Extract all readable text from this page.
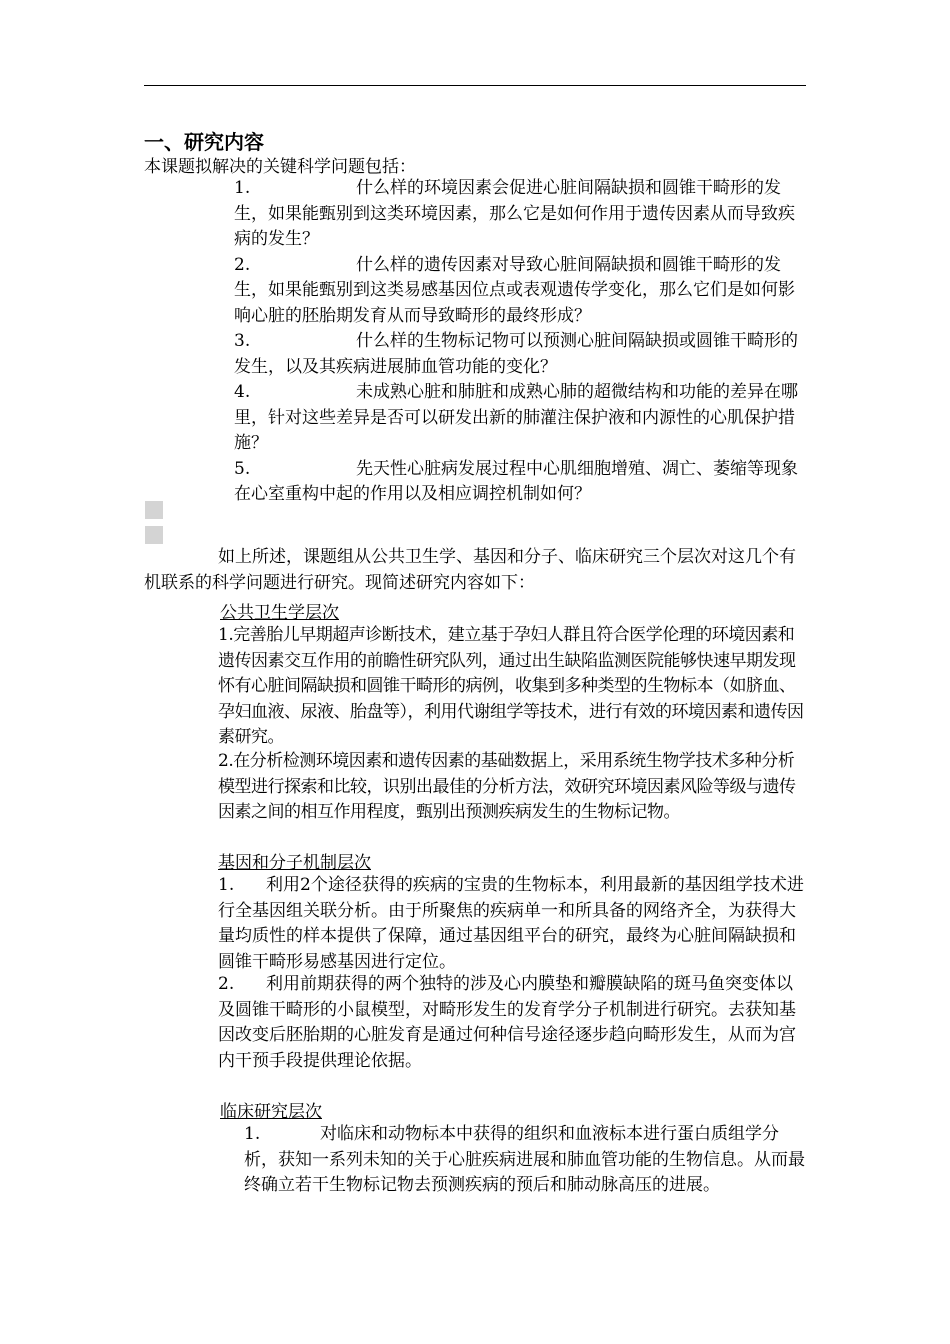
一、研究内容
本课题拟解决的关键科学问题包括：
1.	什么样的环境因素会促进心脏间隔缺损和圆锥干畸形的发生，如果能甄别到这类环境因素，那么它是如何作用于遗传因素从而导致疾病的发生？
2.	什么样的遗传因素对导致心脏间隔缺损和圆锥干畸形的发生，如果能甄别到这类易感基因位点或表观遗传学变化，那么它们是如何影响心脏的胚胎期发育从而导致畸形的最终形成？
3.	什么样的生物标记物可以预测心脏间隔缺损或圆锥干畸形的发生，以及其疾病进展肺血管功能的变化？
4.	未成熟心脏和肺脏和成熟心肺的超微结构和功能的差异在哪里，针对这些差异是否可以研发出新的肺灌注保护液和内源性的心肌保护措施？
5.	先天性心脏病发展过程中心肌细胞增殖、凋亡、萎缩等现象在心室重构中起的作用以及相应调控机制如何？
如上所述，课题组从公共卫生学、基因和分子、临床研究三个层次对这几个有机联系的科学问题进行研究。现简述研究内容如下：
公共卫生学层次
1.完善胎儿早期超声诊断技术，建立基于孕妇人群且符合医学伦理的环境因素和遗传因素交互作用的前瞻性研究队列，通过出生缺陷监测医院能够快速早期发现怀有心脏间隔缺损和圆锥干畸形的病例，收集到多种类型的生物标本（如脐血、孕妇血液、尿液、胎盘等），利用代谢组学等技术，进行有效的环境因素和遗传因素研究。
2.在分析检测环境因素和遗传因素的基础数据上，采用系统生物学技术多种分析模型进行探索和比较，识别出最佳的分析方法，效研究环境因素风险等级与遗传因素之间的相互作用程度，甄别出预测疾病发生的生物标记物。
基因和分子机制层次
1. 利用2个途径获得的疾病的宝贵的生物标本，利用最新的基因组学技术进行全基因组关联分析。由于所聚焦的疾病单一和所具备的网络齐全，为获得大量均质性的样本提供了保障，通过基因组平台的研究，最终为心脏间隔缺损和圆锥干畸形易感基因进行定位。
2. 利用前期获得的两个独特的涉及心内膜垫和瓣膜缺陷的斑马鱼突变体以及圆锥干畸形的小鼠模型，对畸形发生的发育学分子机制进行研究。去获知基因改变后胚胎期的心脏发育是通过何种信号途径逐步趋向畸形发生，从而为宫内干预手段提供理论依据。
临床研究层次
1.	对临床和动物标本中获得的组织和血液标本进行蛋白质组学分析，获知一系列未知的关于心脏疾病进展和肺血管功能的生物信息。从而最终确立若干生物标记物去预测疾病的预后和肺动脉高压的进展。
